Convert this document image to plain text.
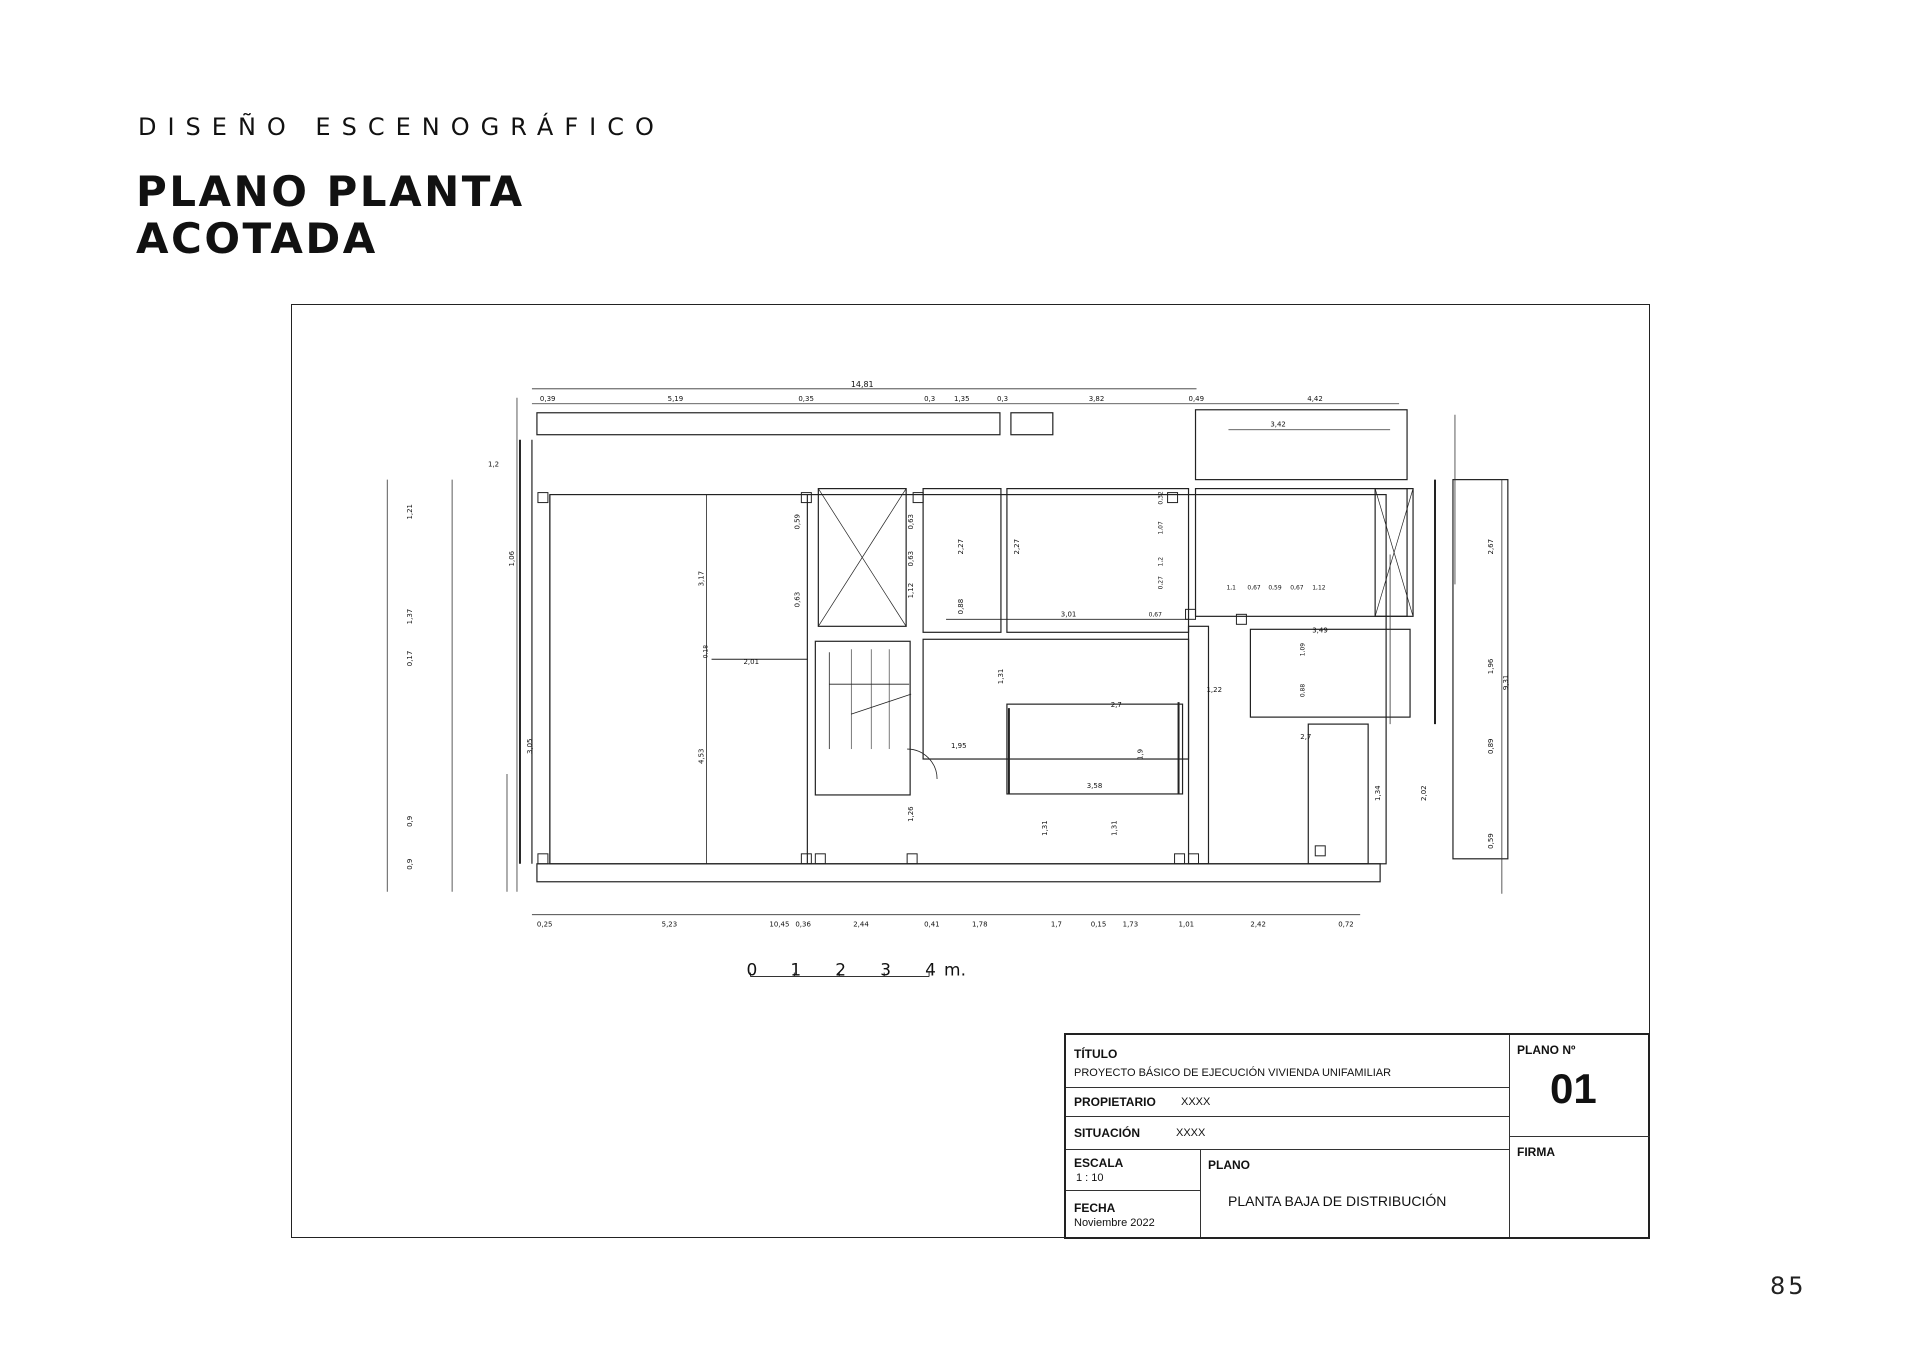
DISEÑO ESCENOGRÁFICO
PLANO PLANTA
ACOTADA
14,81
0,39	5,19	0,35	0,3	1,35	0,3	3,82	0,49	4,42
0,25	5,23	10,45 0,36	2,44	0,41	1,78	1,7	0,15 1,73	1,01	2,42	0,72
1,2
1,21
1,37
0,17
0,9
0,9
1,06
3,05
3,42
2,67
1,96
9,31
0,89
2,02
0,59
1,34
0,59
0,63
3,17
0,18
2,01
4,53
0,63
0,63
1,12
2,27	2,27
0,88
0,32
1,07
1,2
0,27
3,01	0,67
1,1 0,67 0,59 0,67 1,12
3,49
1,09
0,88
1,31
1,22
2,7
2,7
1,95
1,9
3,58
1,26
1,31	1,31
0 1 2 3 4 m.
TÍTULO
PROYECTO BÁSICO DE EJECUCIÓN VIVIENDA UNIFAMILIAR
PROPIETARIO XXXX
SITUACIÓN	XXXX
ESCALA
1 : 10
FECHA
Noviembre 2022
PLANO
PLANTA BAJA DE DISTRIBUCIÓN
PLANO Nº
01
FIRMA
85
